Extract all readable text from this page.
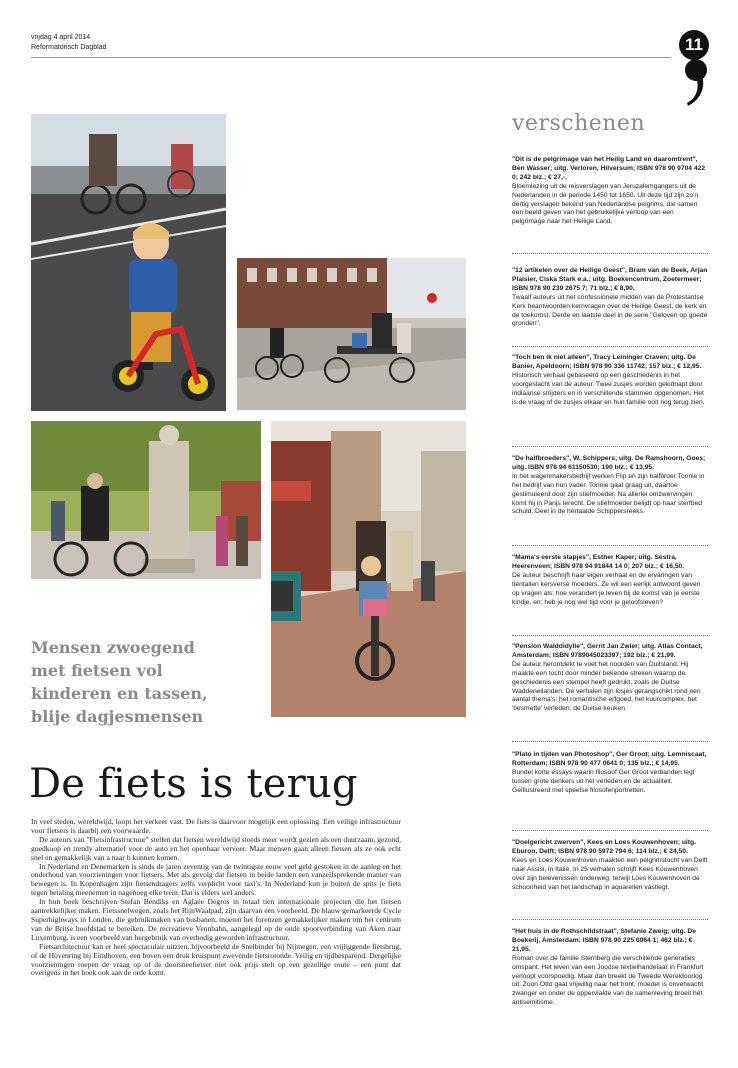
vrijdag 4 april 2014
Reformatorisch Dagblad	11
Mensen zwoegend met fietsen vol kinderen en tassen, blije dagjesmensen
De fiets is terug

In veel steden, wereldwijd, loopt het verkeer vast. De fiets is daarvoor mogelijk een oplossing. Een veilige infrastructuur voor fietsers is daarbij een voorwaarde.

De auteurs van "Fietsinfrastructuur" stellen dat fietsen wereldwijd steeds meer wordt gezien als een duurzaam, gezond, goedkoop en trendy alternatief voor de auto en het openbaar vervoer. Maar mensen gaan alleen fietsen als ze ook echt snel en gemakkelijk van a naar b kunnen komen.

In Nederland en Denemarken is sinds de jaren zeventig van de twintigste eeuw veel geld gestoken in de aanleg en het onderhoud van voorzieningen voor fietsers. Met als gevolg dat fietsen in beide landen een vanzelfsprekende manier van bewegen is. In Kopenhagen zijn fietsendragers zelfs verplicht voor taxi's. In Nederland kun je buiten de spits je fiets tegen betaling meenemen in nagenoeg elke trein. Dat is elders wel anders.

In hun boek beschrijven Stefan Bendiks en Aglaée Degros in totaal tien internationale projecten die het fietsen aantrekkelijker maken. Fietssnelwegen, zoals het RijnWaalpad, zijn daarvan een voorbeeld. De blauw gemarkeerde Cycle Superhighways in Londen, die gebruikmaken van busbanen, moeten het forenzen gemakkelijker maken om het centrum van de Britse hoofdstad te bereiken. De recreatieve Vennbahn, aangelegd op de oude spoorverbinding van Aken naar Luxemburg, is een voorbeeld van hergebruik van overbodig geworden infrastructuur.

Fietsarchitectuur kan er heel spectaculair uitzien, bijvoorbeeld de Snelbinder bij Nijmegen, een vrijliggende fietsbrug, of de Hovenring bij Eindhoven, een boven een druk kruispunt zwevende fietsrotonde. Veilig en tijdbesparend. Dergelijke voorzieningen roepen de vraag op of de doorsneefietser niet ook prijs stelt op een gezellige route – een punt dat overigens in het boek ook aan de orde komt.

verschenen
"Dit is de pelgrimage van het Heilig Land en daaromtrent", Ben Wasser; uitg. Verloren, Hilversum; ISBN 978 90 9704 422 0; 242 blz.; € 27,-.
Bloemlezing uit de reisverslagen van Jeruzalemgangers uit de Nederlanden in de periode 1450 tot 1650. Uit deze tijd zijn zo'n dertig verslagen bekend van Nederlandse pelgrims, die samen een beeld geven van het gebruikelijke verloop van een pelgrimage naar het Heilige Land.
"12 artikelen over de Heilige Geest", Bram van de Beek, Arjan Plaisier, Ciska Stark e.a.; uitg. Boekencentrum, Zoetermeer; ISBN 978 90 239 2675 7; 71 blz.; € 8,90.
Twaalf auteurs uit het confessionele midden van de Protestantse Kerk beantwoorden kernvragen over de Heilige Geest, de kerk en de toekomst. Derde en laatste deel in de serie "Geloven op goede gronden".
"Toch ben ik niet alleen", Tracy Leininger Craven; uitg. De Banier, Apeldoorn; ISBN 978 90 336 11742; 157 blz.; € 12,95.
Historisch verhaal gebaseerd op een geschiedenis in het voorgeslacht van de auteur. Twee zusjes worden gekidnapt door indiaanse strijders en in verschillende stammen opgenomen. Het is de vraag of de zusjes elkaar en hun familie ooit nog terug zien.
"De halfbroeders", W. Schippers; uitg. De Ramshoorn, Goes; uitg. ISBN 978 94 61150530; 190 blz.; € 13,95.
In het wagenmakersbedrijf werken Flip en zijn halfbroer Tonnie in het bedrijf van hun vader. Tonnie gaat graag uit, daartoe gestimuleerd door zijn stiefmoeder. Na allerlei omzwervingen komt hij in Parijs terecht. De stiefmoeder belijdt op haar sterfbed schuld. Deel in de hertaalde Schippersreeks.
"Mama's eerste stapjes", Esther Kaper; uitg. Sestra, Heerenveen; ISBN 978 94 91844 14 0; 207 blz.; € 16,50.
De auteur beschrijft haar eigen verhaal en de ervaringen van tientallen kersverse moeders. Ze wil een eerlijk antwoord geven op vragen als: hoe verandert je leven bij de komst van je eerste kindje, en: heb je nog wel tijd voor je geloofsleven?
"Pension Walddidylle", Gerrit Jan Zwier; uitg. Atlas Contact, Amsterdam; ISBN 9789045023397; 192 blz.; € 21,99.
De auteur herontdekt te voet het noorden van Duitsland. Hij maakte een tocht door minder bekende streken waarop de geschiedenis een stempel heeft gedrukt, zoals de Duitse Waddeneilanden. De verhalen zijn losjes gerangschikt rond een aantal thema's: het romantische erfgoed, het kuurcomplex, het 'besmette' verleden, de Duitse keuken.
"Plato in tijden van Photoshop", Ger Groot; uitg. Lemniscaat, Rotterdam; ISBN 978 90 477 0641 0; 135 blz.; € 14,95.
Bundel korte essays waarin filosoof Ger Groot verbanden legt tussen grote denkers uit het verleden en de actualiteit. Geïllustreerd met speelse filosofenportretten.
"Doelgericht zwerven", Kees en Loes Kouwenhoven; uitg. Eburon, Delft; ISBN 978 90 5972 794 6; 114 blz.; € 24,50.
Kees en Loes Kouwenhoven maakten een pelgrimstocht van Delft naar Assisi, in Italië. In 25 verhalen schrijft Kees Kouwenhoven over zijn belevenissen onderweg, terwijl Loes Kouwenhoven de schoonheid van het landschap in aquarellen vastlegt.
"Het huis in de Rothschildstraat", Stefanie Zweig; uitg. De Boekerij, Amsterdam; ISBN 978 90 225 6964 1; 462 blz.; € 21,95.
Roman over de familie Sternberg die verschillende generaties omspant. Het leven van een Joodse textielhandelaar in Frankfurt verloopt voorspoedig. Maar dan breekt de Tweede Wereldoorlog uit. Zoon Otto gaat vrijwillig naar het front, moeder is onverwacht zwanger en onder de oppervlakte van de samenleving broeit het antisemitisme.
